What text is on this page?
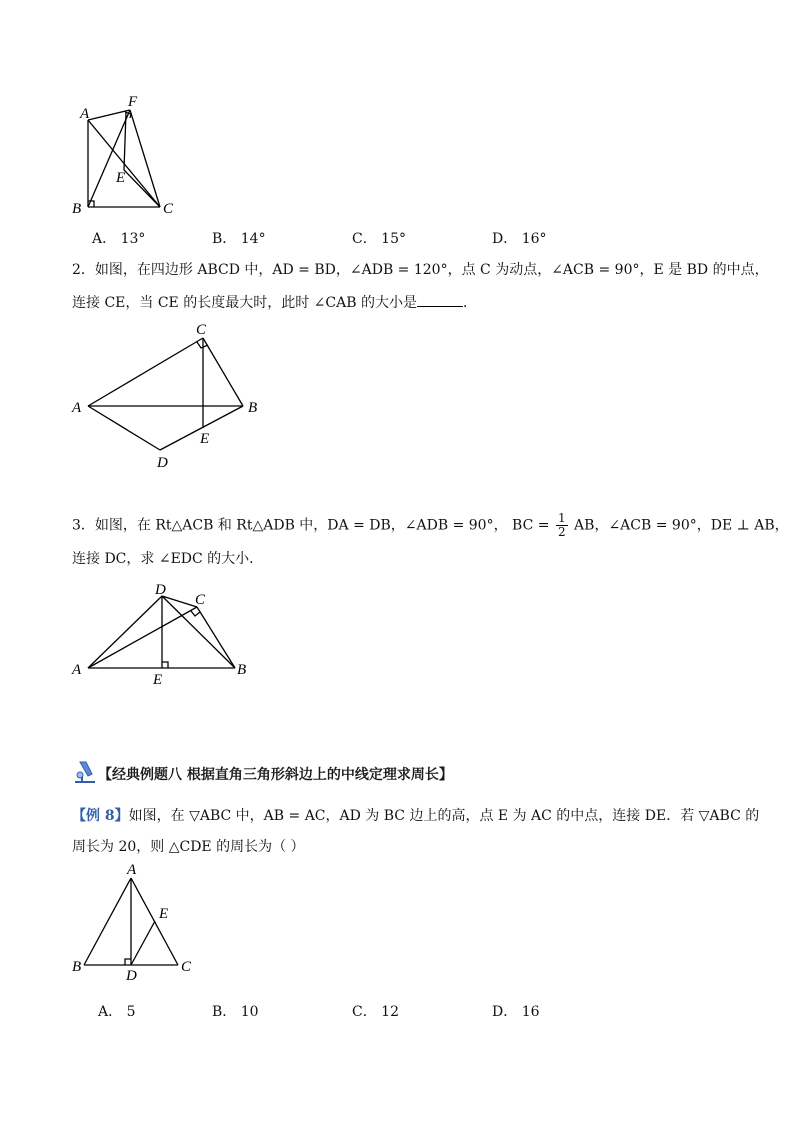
A
F
E
B	C
A． 13°	B． 14°	C． 15°	D． 16°
2．如图，在四边形 ABCD 中，AD = BD，∠ADB = 120°，点 C 为动点，∠ACB = 90°，E 是 BD 的中点，
连接 CE，当 CE 的长度最大时，此时 ∠CAB 的大小是	．
C
A	B
E
D
3．如图，在 Rt△ACB 和 Rt△ADB 中，DA = DB，∠ADB = 90°， BC = $\frac{1}{2}$ AB，∠ACB = 90°，DE ⊥ AB，
连接 DC，求 ∠EDC 的大小．
D
C
A	B
E
【经典例题八 根据直角三角形斜边上的中线定理求周长】
【例 8】如图，在 ▽ABC 中，AB = AC，AD 为 BC 边上的高，点 E 为 AC 的中点，连接 DE．若 ▽ABC 的
周长为 20，则 △CDE 的周长为（ ）
A
E
B	C
D
A． 5	B． 10	C． 12	D． 16
